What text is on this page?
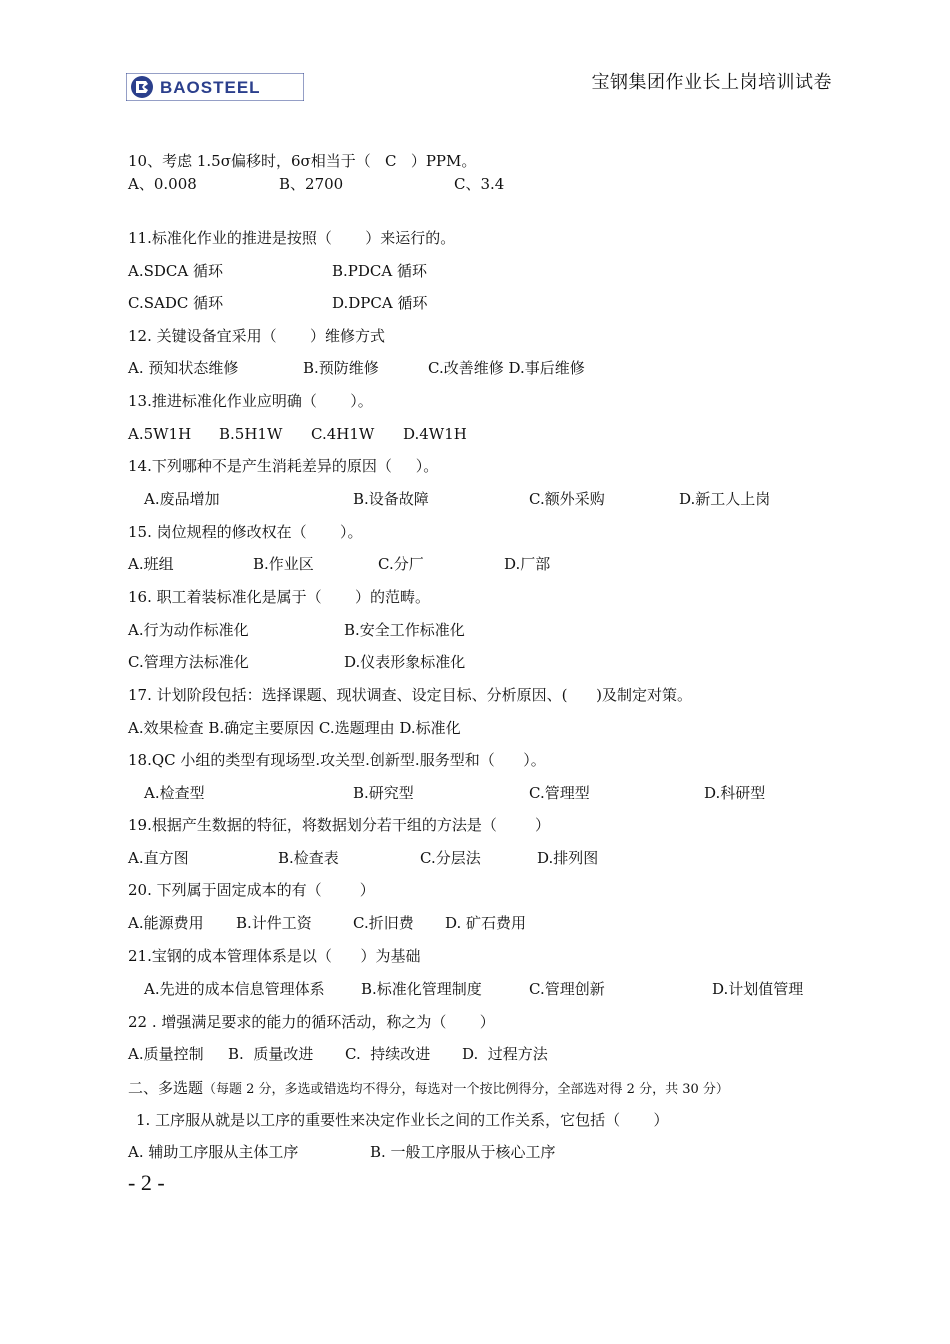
BAOSTEEL	宝钢集团作业长上岗培训试卷
10、考虑 1.5σ偏移时，6σ相当于（   C   ）PPM。
A、0.008	B、2700	C、3.4
11.标准化作业的推进是按照（       ）来运行的。
A.SDCA 循环	B.PDCA 循环
C.SADC 循环	D.DPCA 循环
12. 关键设备宜采用（       ）维修方式
A. 预知状态维修	B.预防维修	C.改善维修 D.事后维修
13.推进标准化作业应明确（       ）。
A.5W1H B.5H1W C.4H1W D.4W1H
14.下列哪种不是产生消耗差异的原因（     ）。
A.废品增加	B.设备故障	C.额外采购	D.新工人上岗
15. 岗位规程的修改权在（       ）。
A.班组	B.作业区	C.分厂	D.厂部
16. 职工着装标准化是属于（       ）的范畴。
A.行为动作标准化	B.安全工作标准化
C.管理方法标准化	D.仪表形象标准化
17. 计划阶段包括：选择课题、现状调查、设定目标、分析原因、(      )及制定对策。
A.效果检查 B.确定主要原因 C.选题理由 D.标准化
18.QC 小组的类型有现场型.攻关型.创新型.服务型和（      ）。
A.检查型	B.研究型	C.管理型	D.科研型
19.根据产生数据的特征，将数据划分若干组的方法是（        ）
A.直方图	B.检查表	C.分层法	D.排列图
20. 下列属于固定成本的有（        ）
A.能源费用 B.计件工资	C.折旧费 D. 矿石费用
21.宝钢的成本管理体系是以（      ）为基础
A.先进的成本信息管理体系 B.标准化管理制度	C.管理创新	D.计划值管理
22 . 增强满足要求的能力的循环活动，称之为（       ）
A.质量控制 B.  质量改进 C.  持续改进 D.  过程方法
二、多选题（每题 2 分，多选或错选均不得分，每选对一个按比例得分，全部选对得 2 分，共 30 分）
1. 工序服从就是以工序的重要性来决定作业长之间的工作关系，它包括（       ）
A. 辅助工序服从主体工序	B. 一般工序服从于核心工序
- 2 -
